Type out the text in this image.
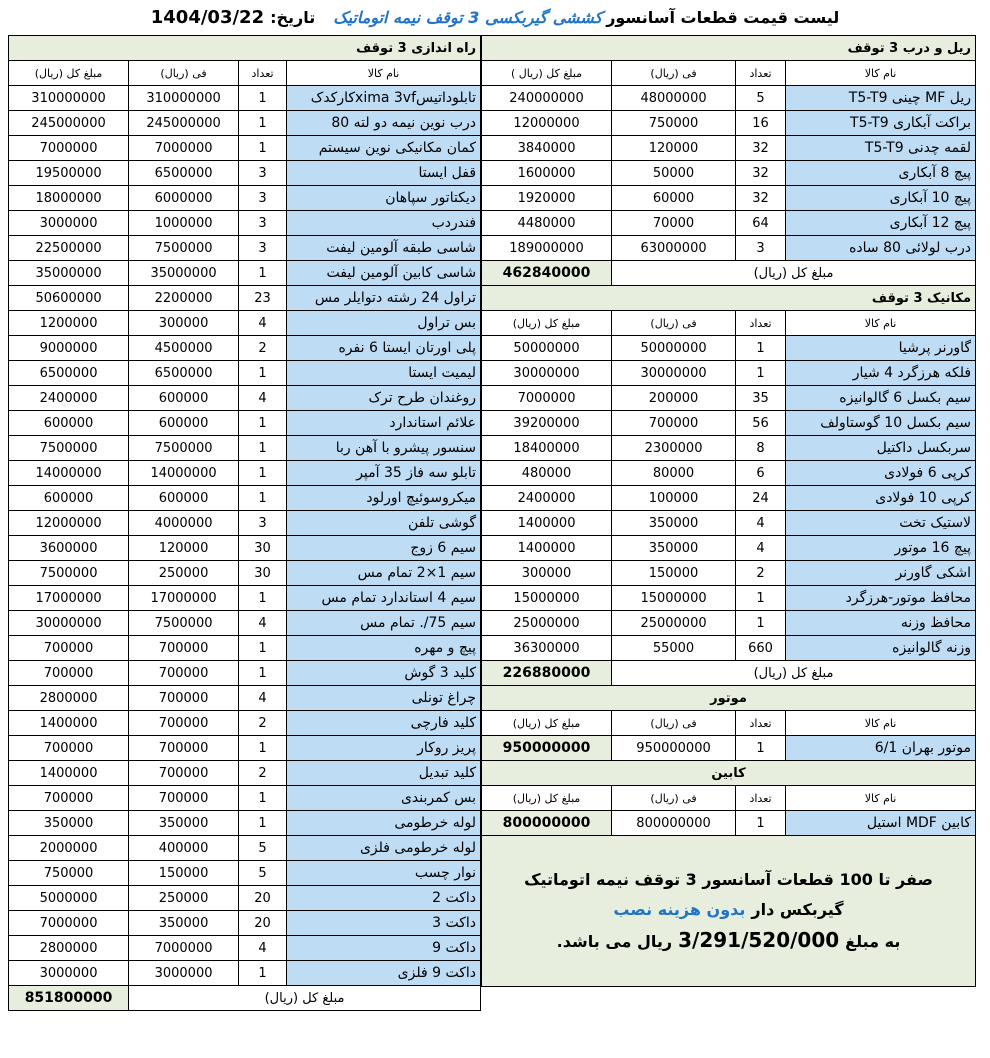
لیست قیمت قطعات آسانسور
کششی گیربکسی 3 توقف نیمه اتوماتیک
تاریخ:
1404/03/22
راه اندازی 3 توقف			
نام کالا	تعداد	فی (ریال)	مبلغ کل (ریال)
تابلوداتیسxima 3vfکارکدک	1	310000000	310000000
درب نوین نیمه دو لته 80	1	245000000	245000000
کمان مکانیکی نوین سیستم	1	7000000	7000000
قفل ایستا	3	6500000	19500000
دیکتاتور سپاهان	3	6000000	18000000
فندردب	3	1000000	3000000
شاسی طبقه آلومین لیفت	3	7500000	22500000
شاسی کابین آلومین لیفت	1	35000000	35000000
تراول 24 رشته دتوایلر مس	23	2200000	50600000
بس تراول	4	300000	1200000
پلی اورتان ایستا 6 نفره	2	4500000	9000000
لیمیت ایستا	1	6500000	6500000
روغندان طرح ترک	4	600000	2400000
علائم استاندارد	1	600000	600000
سنسور پیشرو با آهن ربا	1	7500000	7500000
تابلو سه فاز 35 آمپر	1	14000000	14000000
میکروسوئیچ اورلود	1	600000	600000
گوشی تلفن	3	4000000	12000000
سیم 6 زوج	30	120000	3600000
سیم 1×2 تمام مس	30	250000	7500000
سیم 4 استاندارد تمام مس	1	17000000	17000000
سیم 75/. تمام مس	4	7500000	30000000
پیچ و مهره	1	700000	700000
کلید 3 گوش	1	700000	700000
چراغ تونلی	4	700000	2800000
کلید فارچی	2	700000	1400000
پریز روکار	1	700000	700000
کلید تبدیل	2	700000	1400000
بس کمربندی	1	700000	700000
لوله خرطومی	1	350000	350000
لوله خرطومی فلزی	5	400000	2000000
نوار چسب	5	150000	750000
داکت 2	20	250000	5000000
داکت 3	20	350000	7000000
داکت 9	4	7000000	2800000
داکت 9 فلزی	1	3000000	3000000
مبلغ کل (ریال)			851800000
ریل و درب 3 توقف			
نام کالا	تعداد	فی (ریال)	مبلغ کل (ریال )
ریل MF چینی T5-T9	5	48000000	240000000
براکت آبکاری T5-T9	16	750000	12000000
لقمه چدنی T5-T9	32	120000	3840000
پیچ 8 آبکاری	32	50000	1600000
پیچ 10 آبکاری	32	60000	1920000
پیچ 12 آبکاری	64	70000	4480000
درب لولائی 80 ساده	3	63000000	189000000
مبلغ کل (ریال)			462840000
مکانیک 3 توقف			
نام کالا	تعداد	فی (ریال)	مبلغ کل (ریال)
گاورنر پرشیا	1	50000000	50000000
فلکه هرزگرد 4 شیار	1	30000000	30000000
سیم بکسل 6 گالوانیزه	35	200000	7000000
سیم بکسل 10 گوستاولف	56	700000	39200000
سربکسل داکتیل	8	2300000	18400000
کرپی 6 فولادی	6	80000	480000
کرپی 10 فولادی	24	100000	2400000
لاستیک تخت	4	350000	1400000
پیچ 16 موتور	4	350000	1400000
اشکی گاورنر	2	150000	300000
محافظ موتور-هرزگرد	1	15000000	15000000
محافظ وزنه	1	25000000	25000000
وزنه گالوانیزه	660	55000	36300000
مبلغ کل (ریال)			226880000
موتور			
نام کالا	تعداد	فی (ریال)	مبلغ کل (ریال)
موتور بهران 6/1	1	950000000	950000000
کابین			
نام کالا	تعداد	فی (ریال)	مبلغ کل (ریال)
کابین MDF استیل	1	800000000	800000000

صفر تا 100 قطعات آسانسور 3 توقف نیمه اتوماتیک
گیربکس داربدون هزینه نصب
به مبلغ3/291/520/000ریال می باشد.			
